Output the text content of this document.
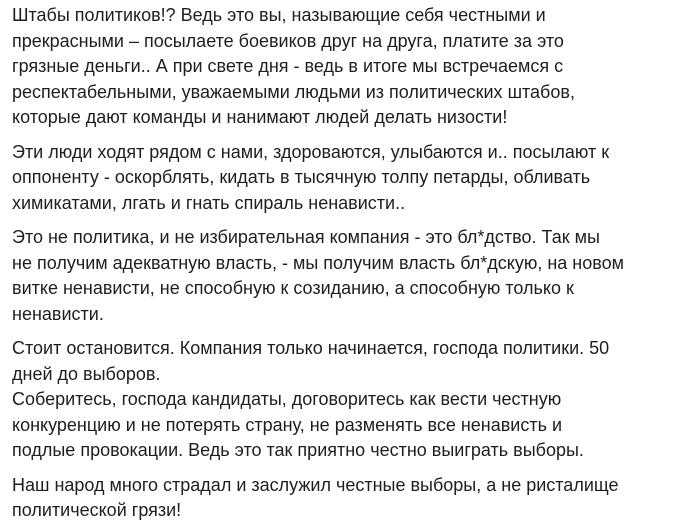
Штабы политиков!? Ведь это вы, называющие себя честными и
прекрасными – посылаете боевиков друг на друга, платите за это
грязные деньги.. А при свете дня - ведь в итоге мы встречаемся с
респектабельными, уважаемыми людьми из политических штабов,
которые дают команды и нанимают людей делать низости!

Эти люди ходят рядом с нами, здороваются, улыбаются и.. посылают к
оппоненту - оскорблять, кидать в тысячную толпу петарды, обливать
химикатами, лгать и гнать спираль ненависти..

Это не политика, и не избирательная компания - это бл*дство. Так мы
не получим адекватную власть, - мы получим власть бл*дскую, на новом
витке ненависти, не способную к созиданию, а способную только к
ненависти.

Стоит остановится. Компания только начинается, господа политики. 50
дней до выборов.
Соберитесь, господа кандидаты, договоритесь как вести честную
конкуренцию и не потерять страну, не разменять все ненависть и
подлые провокации. Ведь это так приятно честно выиграть выборы.

Наш народ много страдал и заслужил честные выборы, а не ристалище
политической грязи!
